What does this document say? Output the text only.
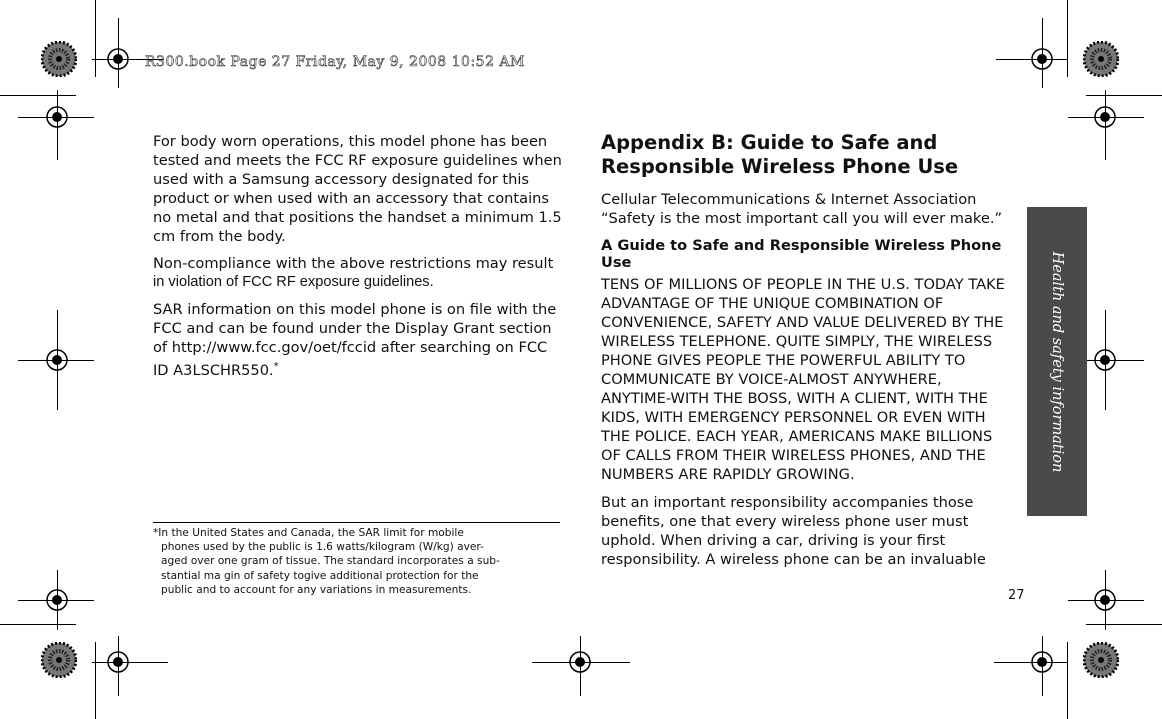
R300.book Page 27 Friday, May 9, 2008 10:52 AM

For body worn operations, this model phone has been tested and meets the FCC RF exposure guidelines when used with a Samsung accessory designated for this product or when used with an accessory that contains no metal and that positions the handset a minimum 1.5 cm from the body.

Non-compliance with the above restrictions may result

in violation of FCC RF exposure guidelines.

SAR information on this model phone is on file with the FCC and can be found under the Display Grant section of http://www.fcc.gov/oet/fccid after searching on FCC ID A3LSCHR550.*

*In the United States and Canada, the SAR limit for mobile
phones used by the public is 1.6 watts/kilogram (W/kg) aver-
aged over one gram of tissue. The standard incorporates a sub-
stantial ma gin of safety togive additional protection for the
public and to account for any variations in measurements.
Appendix B: Guide to Safe and Responsible Wireless Phone Use

Cellular Telecommunications & Internet Association

“Safety is the most important call you will ever make.”

A Guide to Safe and Responsible Wireless Phone Use

TENS OF MILLIONS OF PEOPLE IN THE U.S. TODAY TAKE ADVANTAGE OF THE UNIQUE COMBINATION OF CONVENIENCE, SAFETY AND VALUE DELIVERED BY THE WIRELESS TELEPHONE. QUITE SIMPLY, THE WIRELESS PHONE GIVES PEOPLE THE POWERFUL ABILITY TO COMMUNICATE BY VOICE-ALMOST ANYWHERE, ANYTIME-WITH THE BOSS, WITH A CLIENT, WITH THE KIDS, WITH EMERGENCY PERSONNEL OR EVEN WITH THE POLICE. EACH YEAR, AMERICANS MAKE BILLIONS OF CALLS FROM THEIR WIRELESS PHONES, AND THE NUMBERS ARE RAPIDLY GROWING.

But an important responsibility accompanies those benefits, one that every wireless phone user must uphold. When driving a car, driving is your first responsibility. A wireless phone can be an invaluable

Health and safety information
27
